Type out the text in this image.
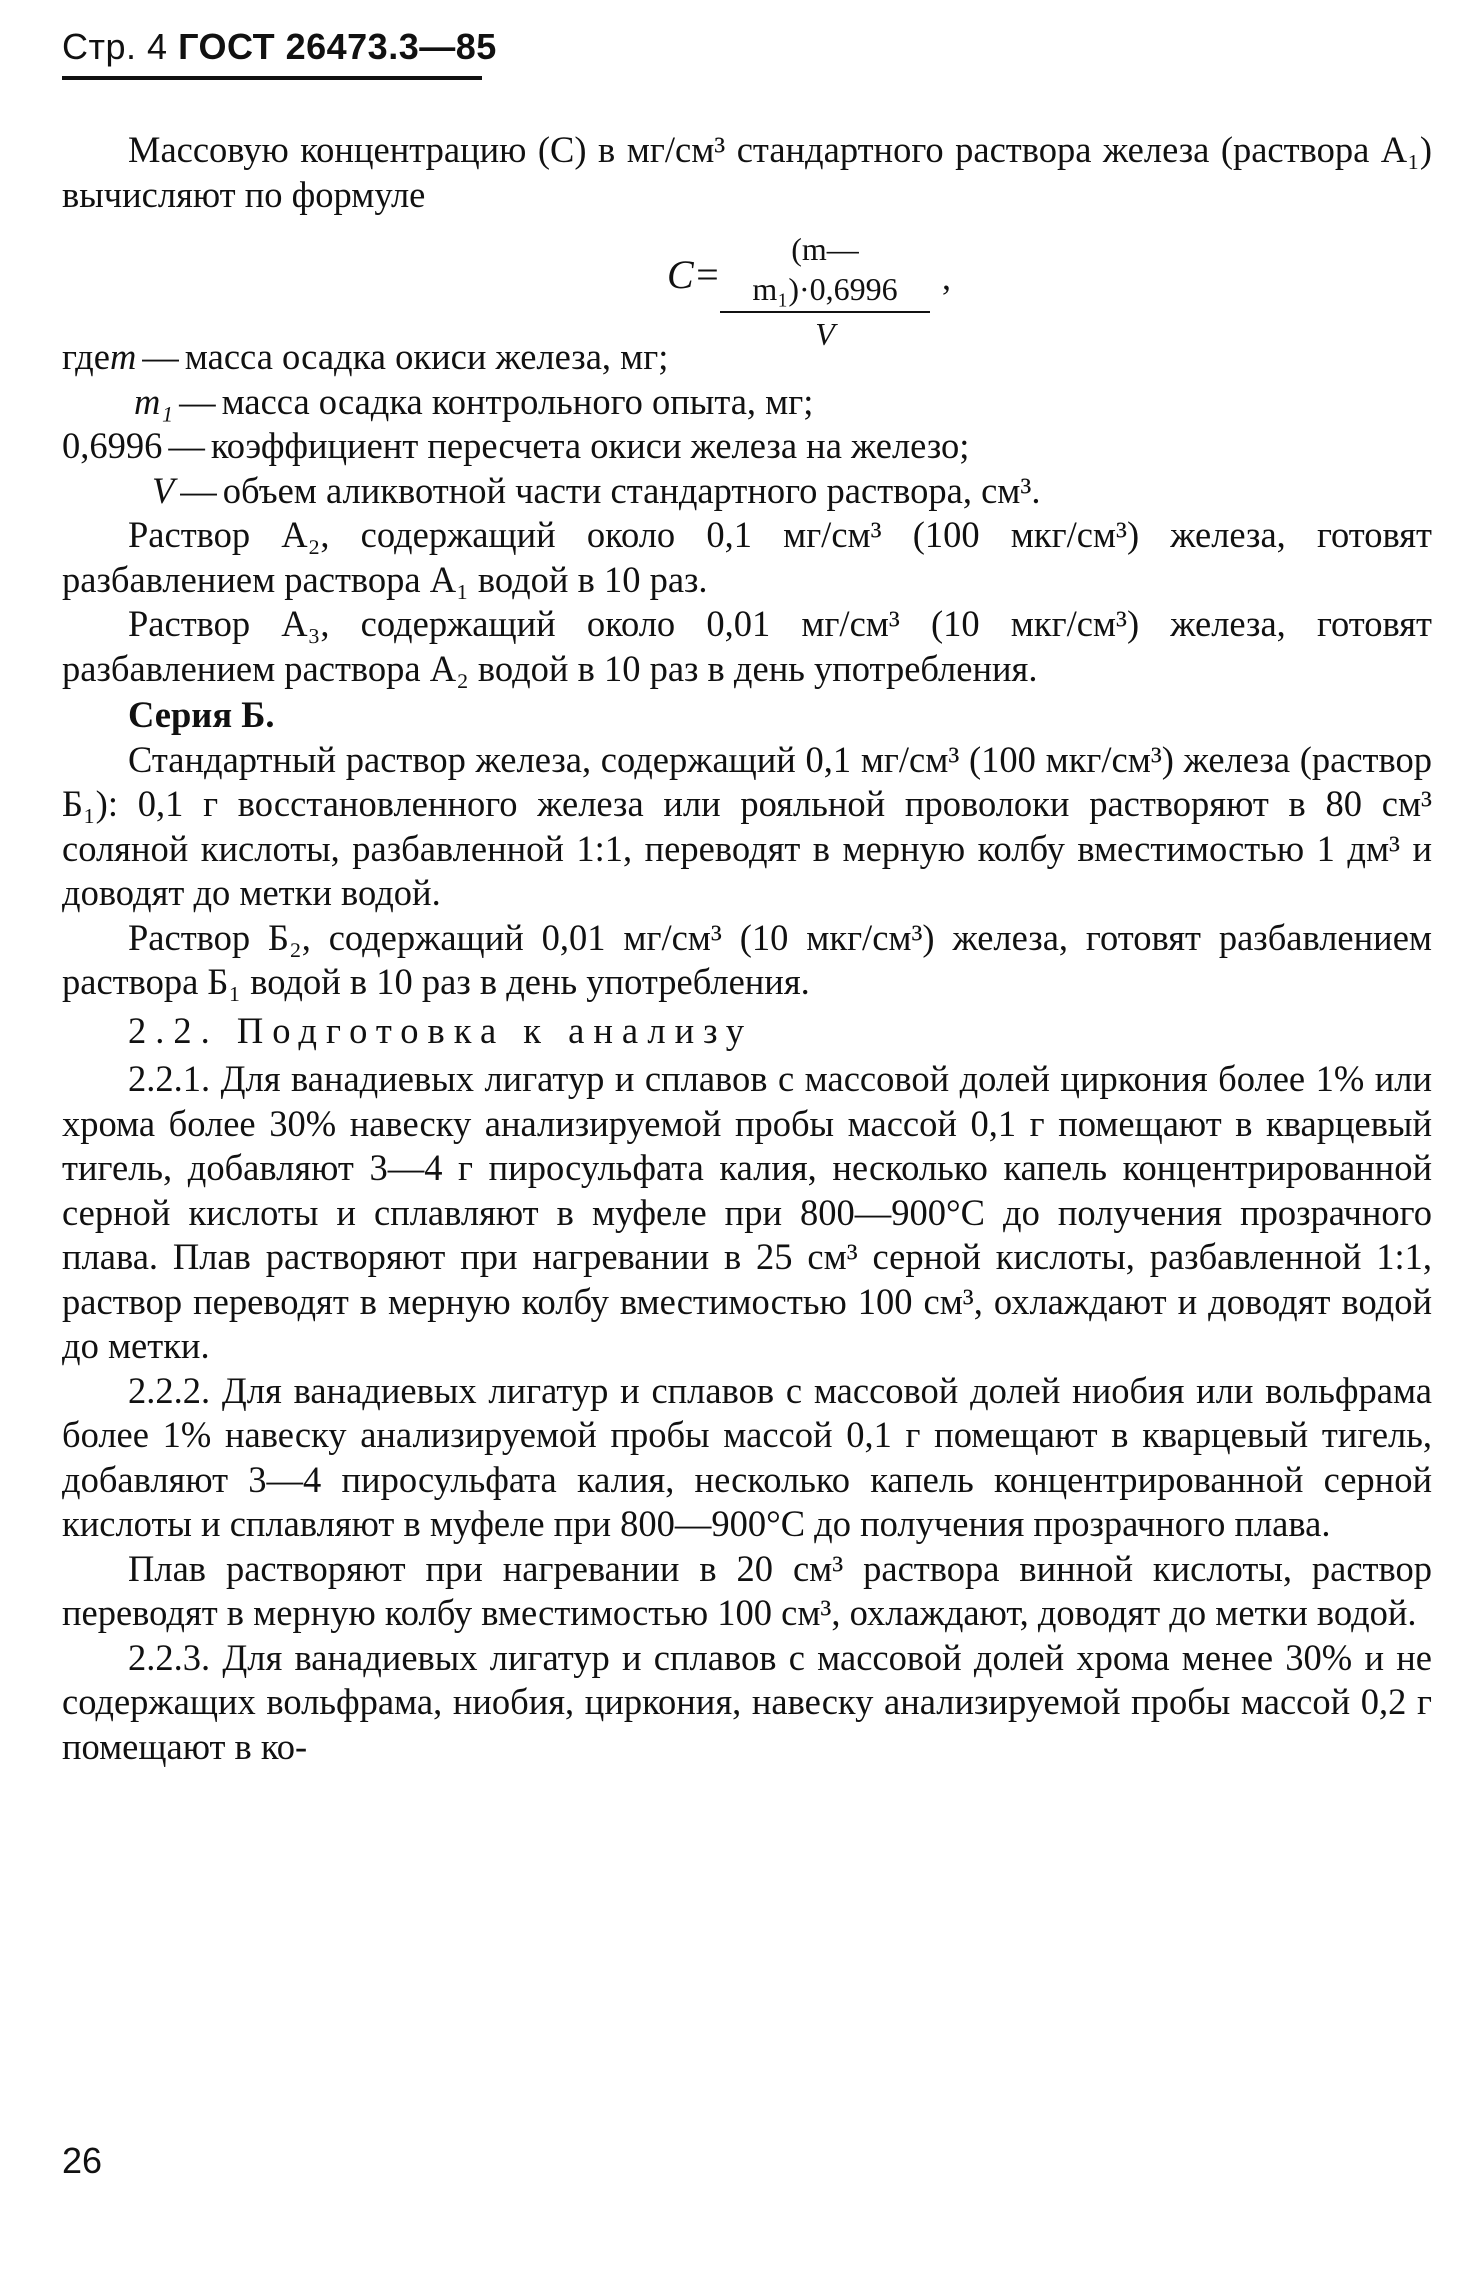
Стр. 4 ГОСТ 26473.3—85

Массовую концентрацию (C) в мг/см³ стандартного раствора железа (раствора А₁) вычисляют по формуле

$C= \frac{\text{(m—m₁)·0,6996}}{V}$ ,
где m — масса осадка окиси железа, мг;
m₁ — масса осадка контрольного опыта, мг;
0,6996 — коэффициент пересчета окиси железа на железо;
V — объем аликвотной части стандартного раствора, см³.

Раствор А₂, содержащий около 0,1 мг/см³ (100 мкг/см³) железа, готовят разбавлением раствора А₁ водой в 10 раз.

Раствор А₃, содержащий около 0,01 мг/см³ (10 мкг/см³) железа, готовят разбавлением раствора А₂ водой в 10 раз в день употребления.

Серия Б.

Стандартный раствор железа, содержащий 0,1 мг/см³ (100 мкг/см³) железа (раствор Б₁): 0,1 г восстановленного железа или рояльной проволоки растворяют в 80 см³ соляной кислоты, разбавленной 1:1, переводят в мерную колбу вместимостью 1 дм³ и доводят до метки водой.

Раствор Б₂, содержащий 0,01 мг/см³ (10 мкг/см³) железа, готовят разбавлением раствора Б₁ водой в 10 раз в день употребления.

2.2. Подготовка к анализу

2.2.1. Для ванадиевых лигатур и сплавов с массовой долей циркония более 1% или хрома более 30% навеску анализируемой пробы массой 0,1 г помещают в кварцевый тигель, добавляют 3—4 г пиросульфата калия, несколько капель концентрированной серной кислоты и сплавляют в муфеле при 800—900°С до получения прозрачного плава. Плав растворяют при нагревании в 25 см³ серной кислоты, разбавленной 1:1, раствор переводят в мерную колбу вместимостью 100 см³, охлаждают и доводят водой до метки.

2.2.2. Для ванадиевых лигатур и сплавов с массовой долей ниобия или вольфрама более 1% навеску анализируемой пробы массой 0,1 г помещают в кварцевый тигель, добавляют 3—4 пиросульфата калия, несколько капель концентрированной серной кислоты и сплавляют в муфеле при 800—900°С до получения прозрачного плава.

Плав растворяют при нагревании в 20 см³ раствора винной кислоты, раствор переводят в мерную колбу вместимостью 100 см³, охлаждают, доводят до метки водой.

2.2.3. Для ванадиевых лигатур и сплавов с массовой долей хрома менее 30% и не содержащих вольфрама, ниобия, циркония, навеску анализируемой пробы массой 0,2 г помещают в ко-

26
